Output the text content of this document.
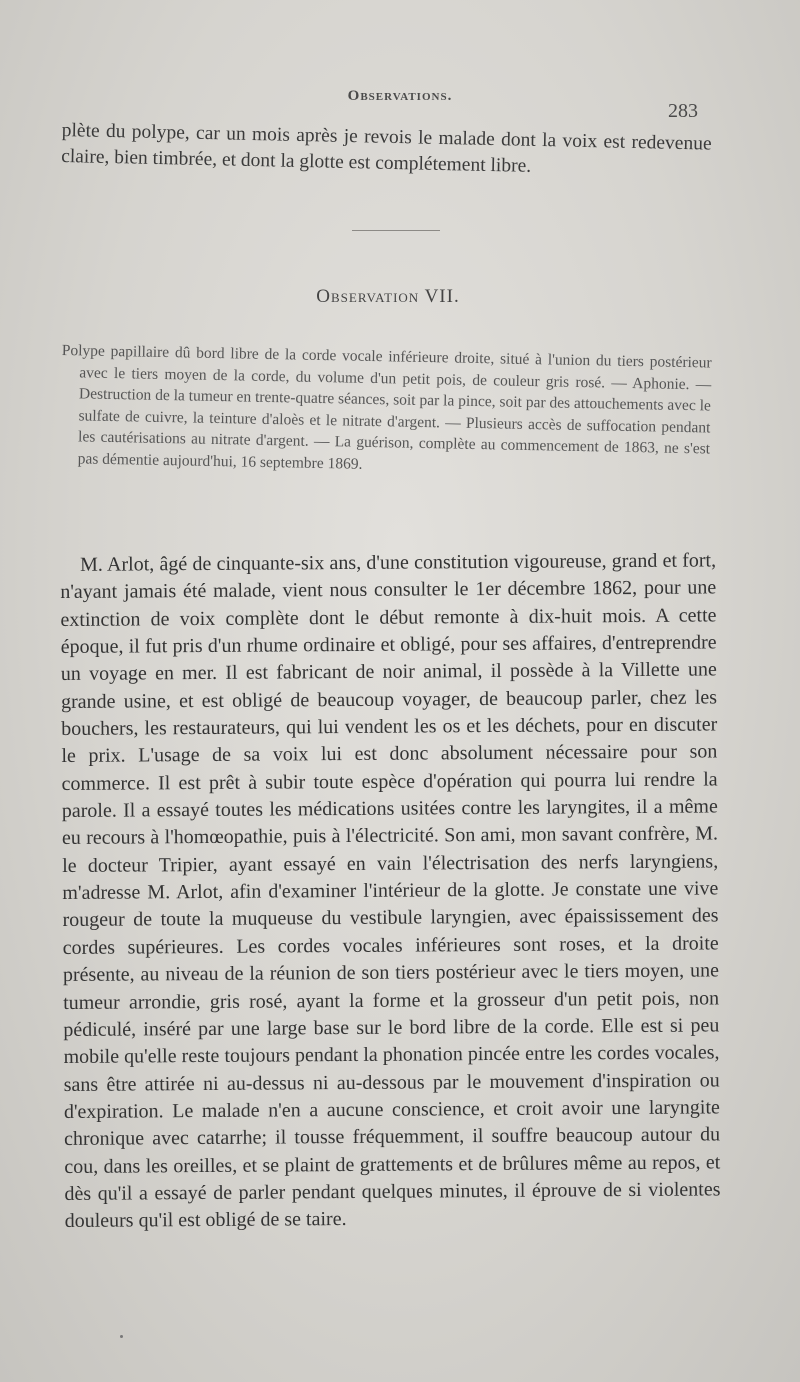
Observations.
283

plète du polype, car un mois après je revois le malade dont la voix est redevenue claire, bien timbrée, et dont la glotte est complétement libre.

Observation VII.

Polype papillaire dû bord libre de la corde vocale inférieure droite, situé à l'union du tiers postérieur avec le tiers moyen de la corde, du volume d'un petit pois, de couleur gris rosé. — Aphonie. — Destruction de la tumeur en trente-quatre séances, soit par la pince, soit par des attouchements avec le sulfate de cuivre, la teinture d'aloès et le nitrate d'argent. — Plusieurs accès de suffocation pendant les cautérisations au nitrate d'argent. — La guérison, complète au commencement de 1863, ne s'est pas démentie aujourd'hui, 16 septembre 1869.

M. Arlot, âgé de cinquante-six ans, d'une constitution vigoureuse, grand et fort, n'ayant jamais été malade, vient nous consulter le 1er décembre 1862, pour une extinction de voix complète dont le début remonte à dix-huit mois. A cette époque, il fut pris d'un rhume ordinaire et obligé, pour ses affaires, d'entreprendre un voyage en mer. Il est fabricant de noir animal, il possède à la Villette une grande usine, et est obligé de beaucoup voyager, de beaucoup parler, chez les bouchers, les restaurateurs, qui lui vendent les os et les déchets, pour en discuter le prix. L'usage de sa voix lui est donc absolument nécessaire pour son commerce. Il est prêt à subir toute espèce d'opération qui pourra lui rendre la parole. Il a essayé toutes les médications usitées contre les laryngites, il a même eu recours à l'homœopathie, puis à l'électricité. Son ami, mon savant confrère, M. le docteur Tripier, ayant essayé en vain l'électrisation des nerfs laryngiens, m'adresse M. Arlot, afin d'examiner l'intérieur de la glotte. Je constate une vive rougeur de toute la muqueuse du vestibule laryngien, avec épaississement des cordes supérieures. Les cordes vocales inférieures sont roses, et la droite présente, au niveau de la réunion de son tiers postérieur avec le tiers moyen, une tumeur arrondie, gris rosé, ayant la forme et la grosseur d'un petit pois, non pédiculé, inséré par une large base sur le bord libre de la corde. Elle est si peu mobile qu'elle reste toujours pendant la phonation pincée entre les cordes vocales, sans être attirée ni au-dessus ni au-dessous par le mouvement d'inspiration ou d'expiration. Le malade n'en a aucune conscience, et croit avoir une laryngite chronique avec catarrhe; il tousse fréquemment, il souffre beaucoup autour du cou, dans les oreilles, et se plaint de grattements et de brûlures même au repos, et dès qu'il a essayé de parler pendant quelques minutes, il éprouve de si violentes douleurs qu'il est obligé de se taire.
